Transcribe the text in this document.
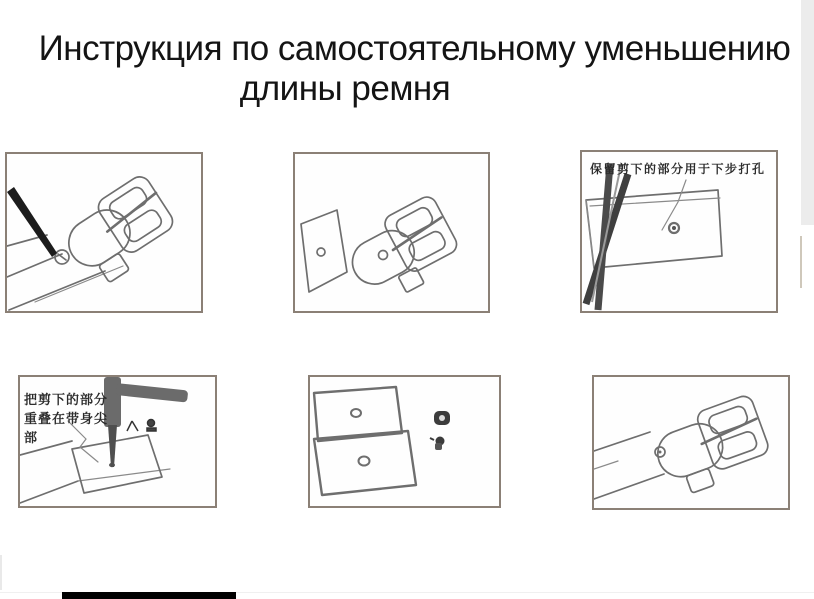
Инструкция по самостоятельному уменьшению
длины ремня
保留剪下的部分用于下步打孔
把剪下的部分重叠在带身尖部
